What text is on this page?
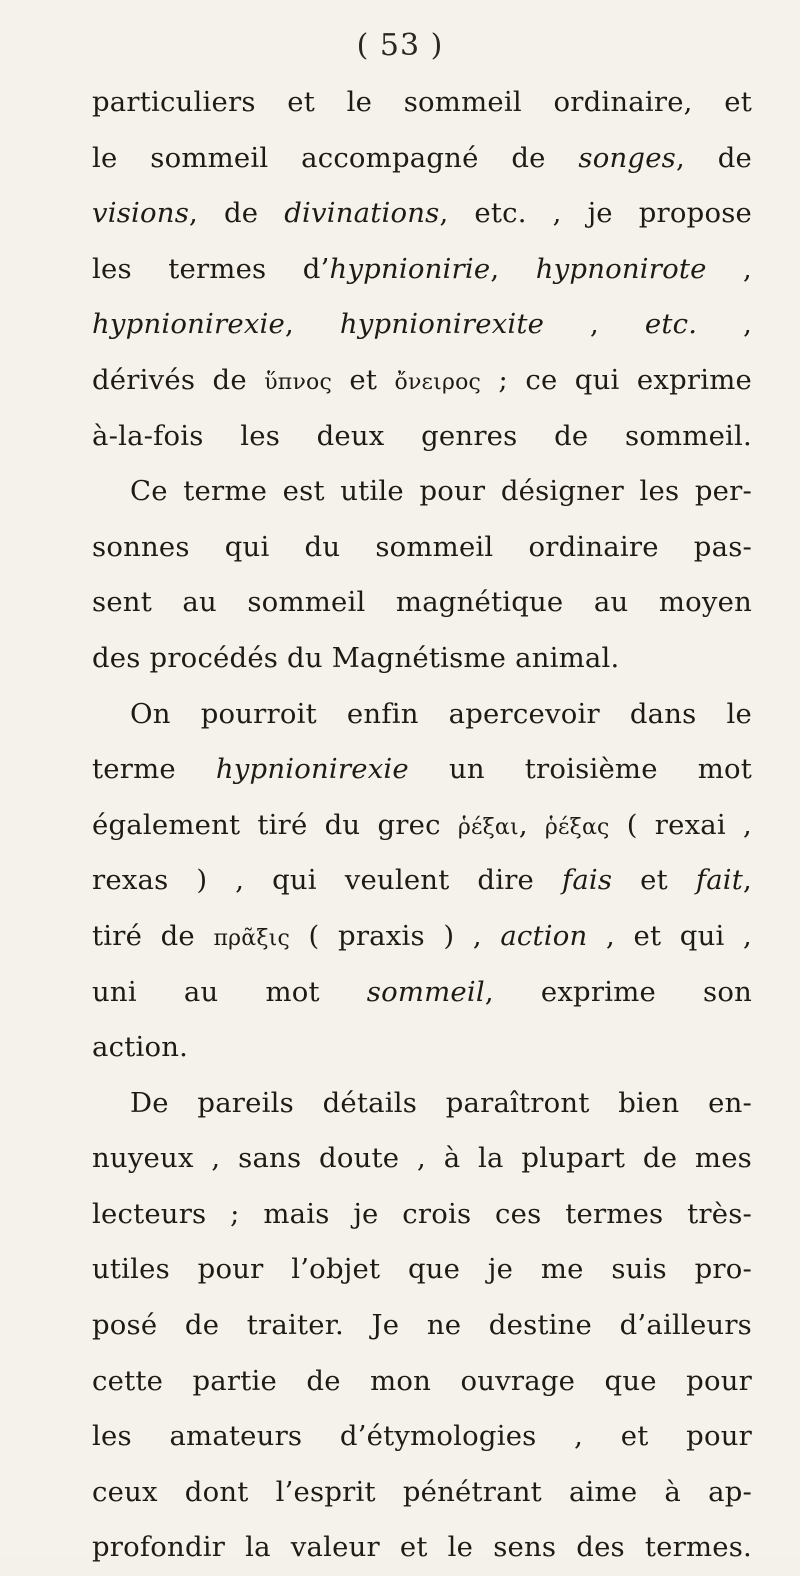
( 53 )
particuliers et le sommeil ordinaire, et
le sommeil accompagné de songes, de
visions, de divinations, etc. , je propose
les termes d’hypnionirie, hypnonirote ,
hypnionirexie, hypnionirexite , etc. ,
dérivés de ὕπνος et ὄνειρος ; ce qui exprime
à-la-fois les deux genres de sommeil.
Ce terme est utile pour désigner les per-
sonnes qui du sommeil ordinaire pas-
sent au sommeil magnétique au moyen
des procédés du Magnétisme animal.
On pourroit enfin apercevoir dans le
terme hypnionirexie un troisième mot
également tiré du grec ῥέξαι, ῥέξας ( rexai ,
rexas ) , qui veulent dire fais et fait,
tiré de πρᾶξις ( praxis ) , action , et qui ,
uni au mot sommeil, exprime son
action.
De pareils détails paraîtront bien en-
nuyeux , sans doute , à la plupart de mes
lecteurs ; mais je crois ces termes très-
utiles pour l’objet que je me suis pro-
posé de traiter. Je ne destine d’ailleurs
cette partie de mon ouvrage que pour
les amateurs d’étymologies , et pour
ceux dont l’esprit pénétrant aime à ap-
profondir la valeur et le sens des termes.
